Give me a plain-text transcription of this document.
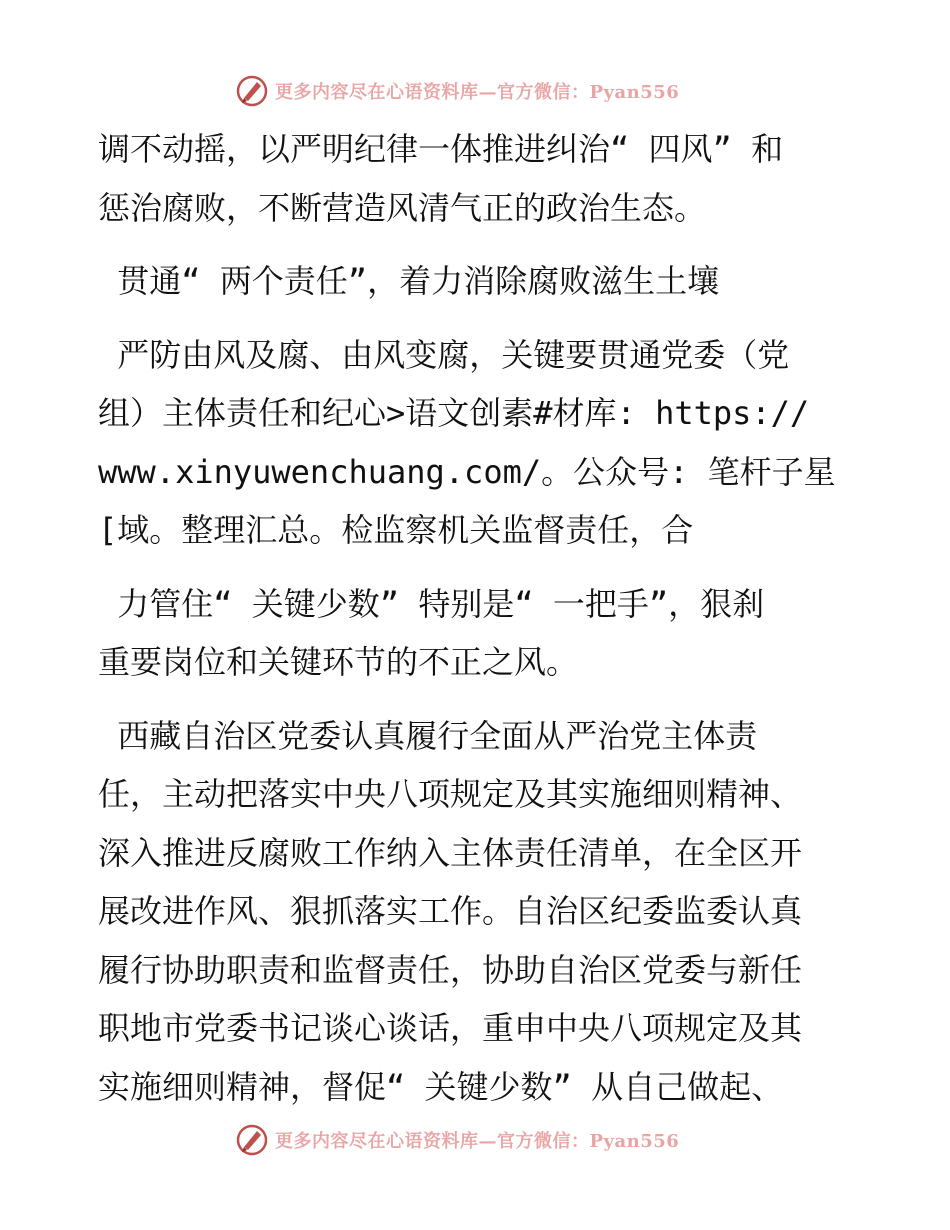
更多内容尽在心语资料库—官方微信：Pyan556
调不动摇，以严明纪律一体推进纠治“ 四风” 和
惩治腐败，不断营造风清气正的政治生态。
贯通“ 两个责任”，着力消除腐败滋生土壤
严防由风及腐、由风变腐，关键要贯通党委（党
组）主体责任和纪心>语文创素#材库: https://
www.xinyuwenchuang.com/。公众号: 笔杆子星
[域。整理汇总。检监察机关监督责任，合
力管住“ 关键少数” 特别是“ 一把手”，狠刹
重要岗位和关键环节的不正之风。
西藏自治区党委认真履行全面从严治党主体责
任，主动把落实中央八项规定及其实施细则精神、
深入推进反腐败工作纳入主体责任清单，在全区开
展改进作风、狠抓落实工作。自治区纪委监委认真
履行协助职责和监督责任，协助自治区党委与新任
职地市党委书记谈心谈话，重申中央八项规定及其
实施细则精神，督促“ 关键少数” 从自己做起、
更多内容尽在心语资料库—官方微信：Pyan556
